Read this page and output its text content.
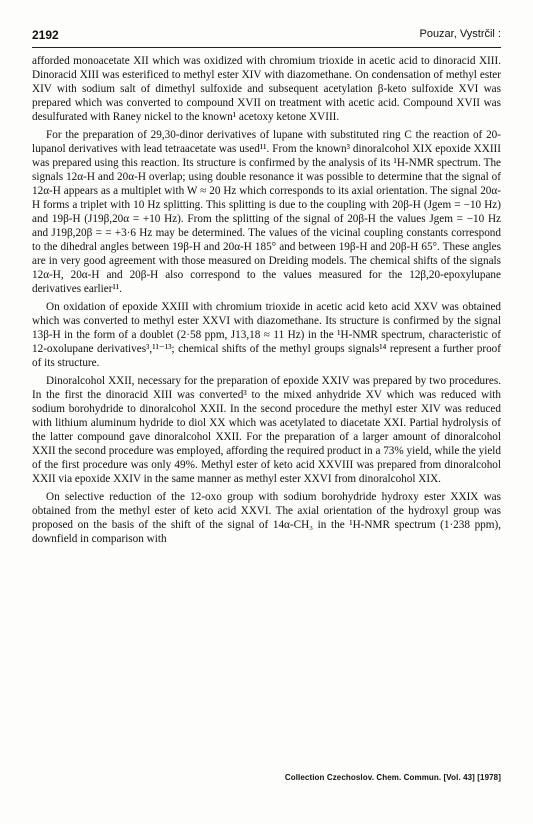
2192	Pouzar, Vystrčil :

afforded monoacetate XII which was oxidized with chromium trioxide in acetic acid to dinoracid XIII. Dinoracid XIII was esterificed to methyl ester XIV with diazomethane. On condensation of methyl ester XIV with sodium salt of dimethyl sulfoxide and subsequent acetylation β-keto sulfoxide XVI was prepared which was converted to compound XVII on treatment with acetic acid. Compound XVII was desulfurated with Raney nickel to the known¹ acetoxy ketone XVIII.

For the preparation of 29,30-dinor derivatives of lupane with substituted ring C the reaction of 20-lupanol derivatives with lead tetraacetate was used¹¹. From the known³ dinoralcohol XIX epoxide XXIII was prepared using this reaction. Its structure is confirmed by the analysis of its ¹H-NMR spectrum. The signals 12α-H and 20α-H overlap; using double resonance it was possible to determine that the signal of 12α-H appears as a multiplet with W ≈ 20 Hz which corresponds to its axial orientation. The signal 20α-H forms a triplet with 10 Hz splitting. This splitting is due to the coupling with 20β-H (Jgem = −10 Hz) and 19β-H (J19β,20α = +10 Hz). From the splitting of the signal of 20β-H the values Jgem = −10 Hz and J19β,20β = = +3·6 Hz may be determined. The values of the vicinal coupling constants correspond to the dihedral angles between 19β-H and 20α-H 185° and between 19β-H and 20β-H 65°. These angles are in very good agreement with those measured on Dreiding models. The chemical shifts of the signals 12α-H, 20α-H and 20β-H also correspond to the values measured for the 12β,20-epoxylupane derivatives earlier¹¹.

On oxidation of epoxide XXIII with chromium trioxide in acetic acid keto acid XXV was obtained which was converted to methyl ester XXVI with diazomethane. Its structure is confirmed by the signal 13β-H in the form of a doublet (2·58 ppm, J13,18 ≈ 11 Hz) in the ¹H-NMR spectrum, characteristic of 12-oxolupane derivatives³,¹¹⁻¹³; chemical shifts of the methyl groups signals¹⁴ represent a further proof of its structure.

Dinoralcohol XXII, necessary for the preparation of epoxide XXIV was prepared by two procedures. In the first the dinoracid XIII was converted³ to the mixed anhydride XV which was reduced with sodium borohydride to dinoralcohol XXII. In the second procedure the methyl ester XIV was reduced with lithium aluminum hydride to diol XX which was acetylated to diacetate XXI. Partial hydrolysis of the latter compound gave dinoralcohol XXII. For the preparation of a larger amount of dinoralcohol XXII the second procedure was employed, affording the required product in a 73% yield, while the yield of the first procedure was only 49%. Methyl ester of keto acid XXVIII was prepared from dinoralcohol XXII via epoxide XXIV in the same manner as methyl ester XXVI from dinoralcohol XIX.

On selective reduction of the 12-oxo group with sodium borohydride hydroxy ester XXIX was obtained from the methyl ester of keto acid XXVI. The axial orientation of the hydroxyl group was proposed on the basis of the shift of the signal of 14α-CH₃ in the ¹H-NMR spectrum (1·238 ppm), downfield in comparison with

Collection Czechoslov. Chem. Commun. [Vol. 43] [1978]
